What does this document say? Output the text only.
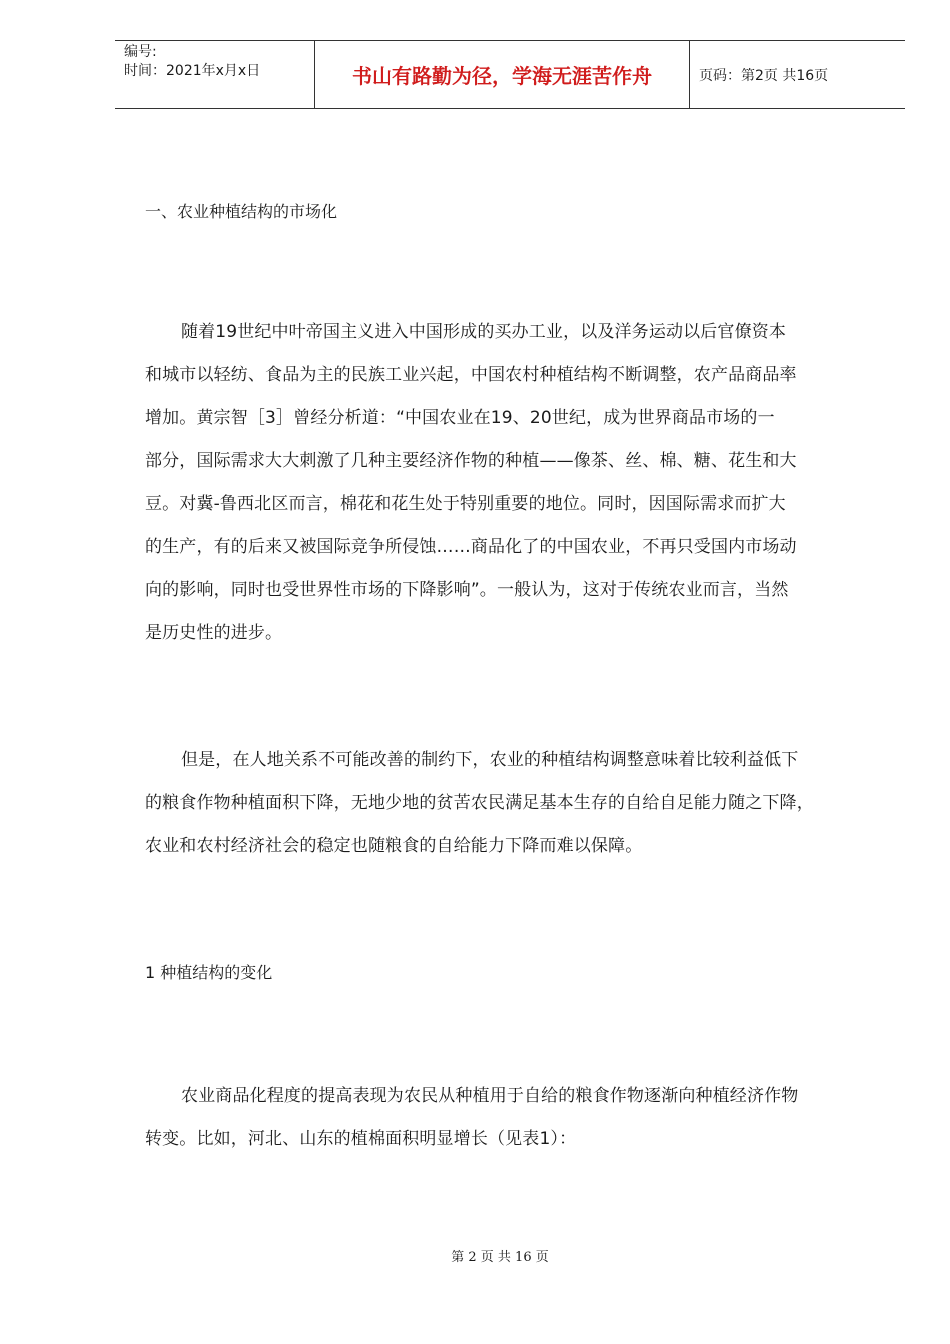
编号:
时间：2021年x月x日	书山有路勤为径，学海无涯苦作舟	页码：第2页 共16页
一、农业种植结构的市场化
随着19世纪中叶帝国主义进入中国形成的买办工业，以及洋务运动以后官僚资本
和城市以轻纺、食品为主的民族工业兴起，中国农村种植结构不断调整，农产品商品率
增加。黄宗智［3］曾经分析道：“中国农业在19、20世纪，成为世界商品市场的一
部分，国际需求大大刺激了几种主要经济作物的种植——像茶、丝、棉、糖、花生和大
豆。对冀-鲁西北区而言，棉花和花生处于特别重要的地位。同时，因国际需求而扩大
的生产，有的后来又被国际竞争所侵蚀……商品化了的中国农业，不再只受国内市场动
向的影响，同时也受世界性市场的下降影响”。一般认为，这对于传统农业而言，当然
是历史性的进步。
但是，在人地关系不可能改善的制约下，农业的种植结构调整意味着比较利益低下
的粮食作物种植面积下降，无地少地的贫苦农民满足基本生存的自给自足能力随之下降，
农业和农村经济社会的稳定也随粮食的自给能力下降而难以保障。
1 种植结构的变化
农业商品化程度的提高表现为农民从种植用于自给的粮食作物逐渐向种植经济作物
转变。比如，河北、山东的植棉面积明显增长（见表1）：
第 2 页 共 16 页
